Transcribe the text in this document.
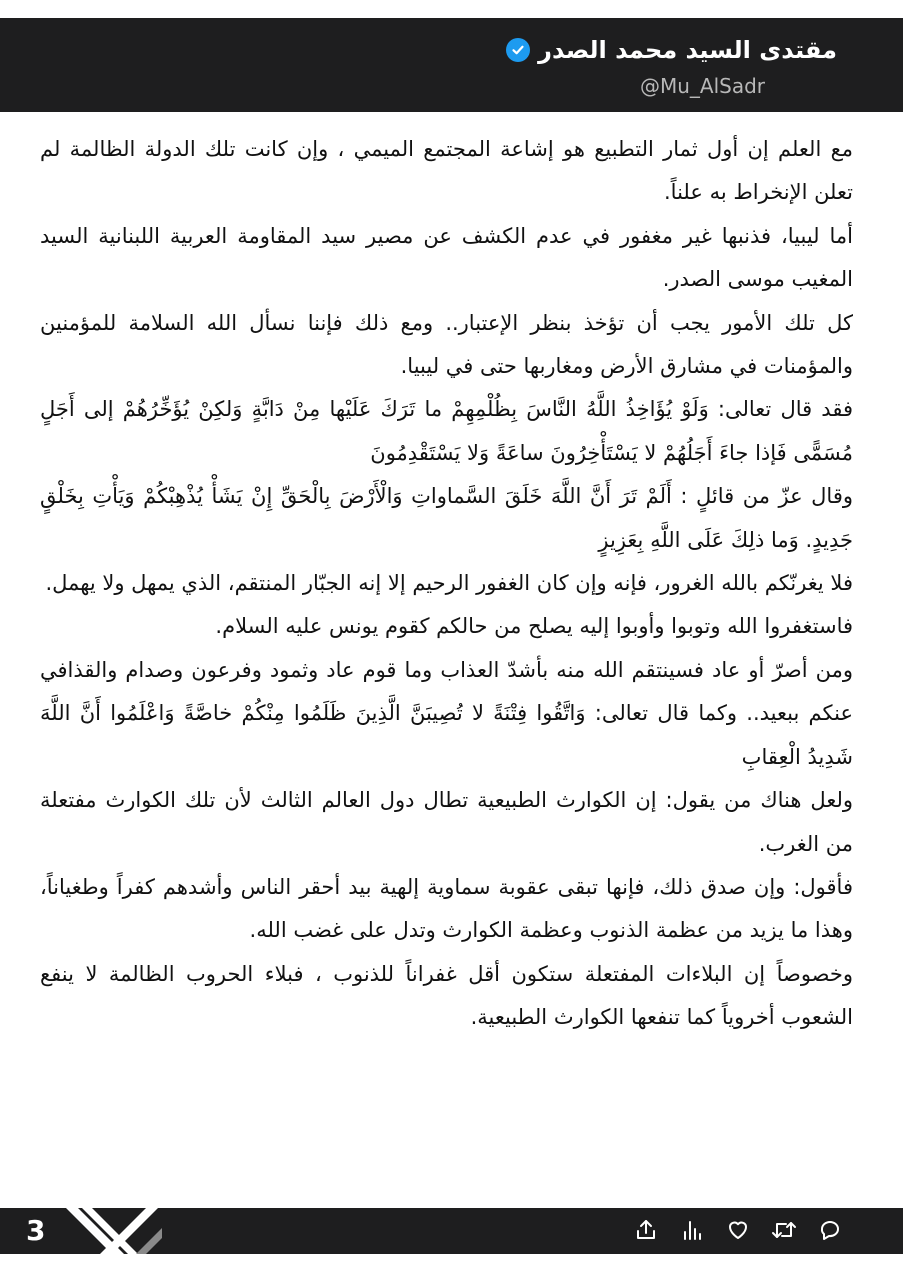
مقتدى السيد محمد الصدر
@Mu_AlSadr

مع العلم إن أول ثمار التطبيع هو إشاعة المجتمع الميمي ، وإن كانت تلك الدولة الظالمة لم تعلن الإنخراط به علناً.

أما ليبيا، فذنبها غير مغفور في عدم الكشف عن مصير سيد المقاومة العربية اللبنانية السيد المغيب موسى الصدر.

كل تلك الأمور يجب أن تؤخذ بنظر الإعتبار.. ومع ذلك فإننا نسأل الله السلامة للمؤمنين والمؤمنات في مشارق الأرض ومغاربها حتى في ليبيا.

فقد قال تعالى: وَلَوْ يُؤَاخِذُ اللَّهُ النَّاسَ بِظُلْمِهِمْ ما تَرَكَ عَلَيْها مِنْ دَابَّةٍ وَلكِنْ يُؤَخِّرُهُمْ إلى أَجَلٍ مُسَمًّى فَإذا جاءَ أَجَلُهُمْ لا يَسْتَأْخِرُونَ ساعَةً وَلا يَسْتَقْدِمُونَ

وقال عزّ من قائلٍ : أَلَمْ تَرَ أَنَّ اللَّهَ خَلَقَ السَّماواتِ وَالْأَرْضَ بِالْحَقِّ إِنْ يَشَأْ يُذْهِبْكُمْ وَيَأْتِ بِخَلْقٍ جَدِيدٍ. وَما ذلِكَ عَلَى اللَّهِ بِعَزِيزٍ

فلا يغرنّكم بالله الغرور، فإنه وإن كان الغفور الرحيم إلا إنه الجبّار المنتقم، الذي يمهل ولا يهمل.

فاستغفروا الله وتوبوا وأوبوا إليه يصلح من حالكم كقوم يونس عليه السلام.

ومن أصرّ أو عاد فسينتقم الله منه بأشدّ العذاب وما قوم عاد وثمود وفرعون وصدام والقذافي عنكم ببعيد.. وكما قال تعالى: وَاتَّقُوا فِتْنَةً لا تُصِيبَنَّ الَّذِينَ ظَلَمُوا مِنْكُمْ خاصَّةً وَاعْلَمُوا أَنَّ اللَّهَ شَدِيدُ الْعِقابِ

ولعل هناك من يقول: إن الكوارث الطبيعية تطال دول العالم الثالث لأن تلك الكوارث مفتعلة من الغرب.

فأقول: وإن صدق ذلك، فإنها تبقى عقوبة سماوية إلهية بيد أحقر الناس وأشدهم كفراً وطغياناً، وهذا ما يزيد من عظمة الذنوب وعظمة الكوارث وتدل على غضب الله.

وخصوصاً إن البلاءات المفتعلة ستكون أقل غفراناً للذنوب ، فبلاء الحروب الظالمة لا ينفع الشعوب أخروياً كما تنفعها الكوارث الطبيعية.

3
